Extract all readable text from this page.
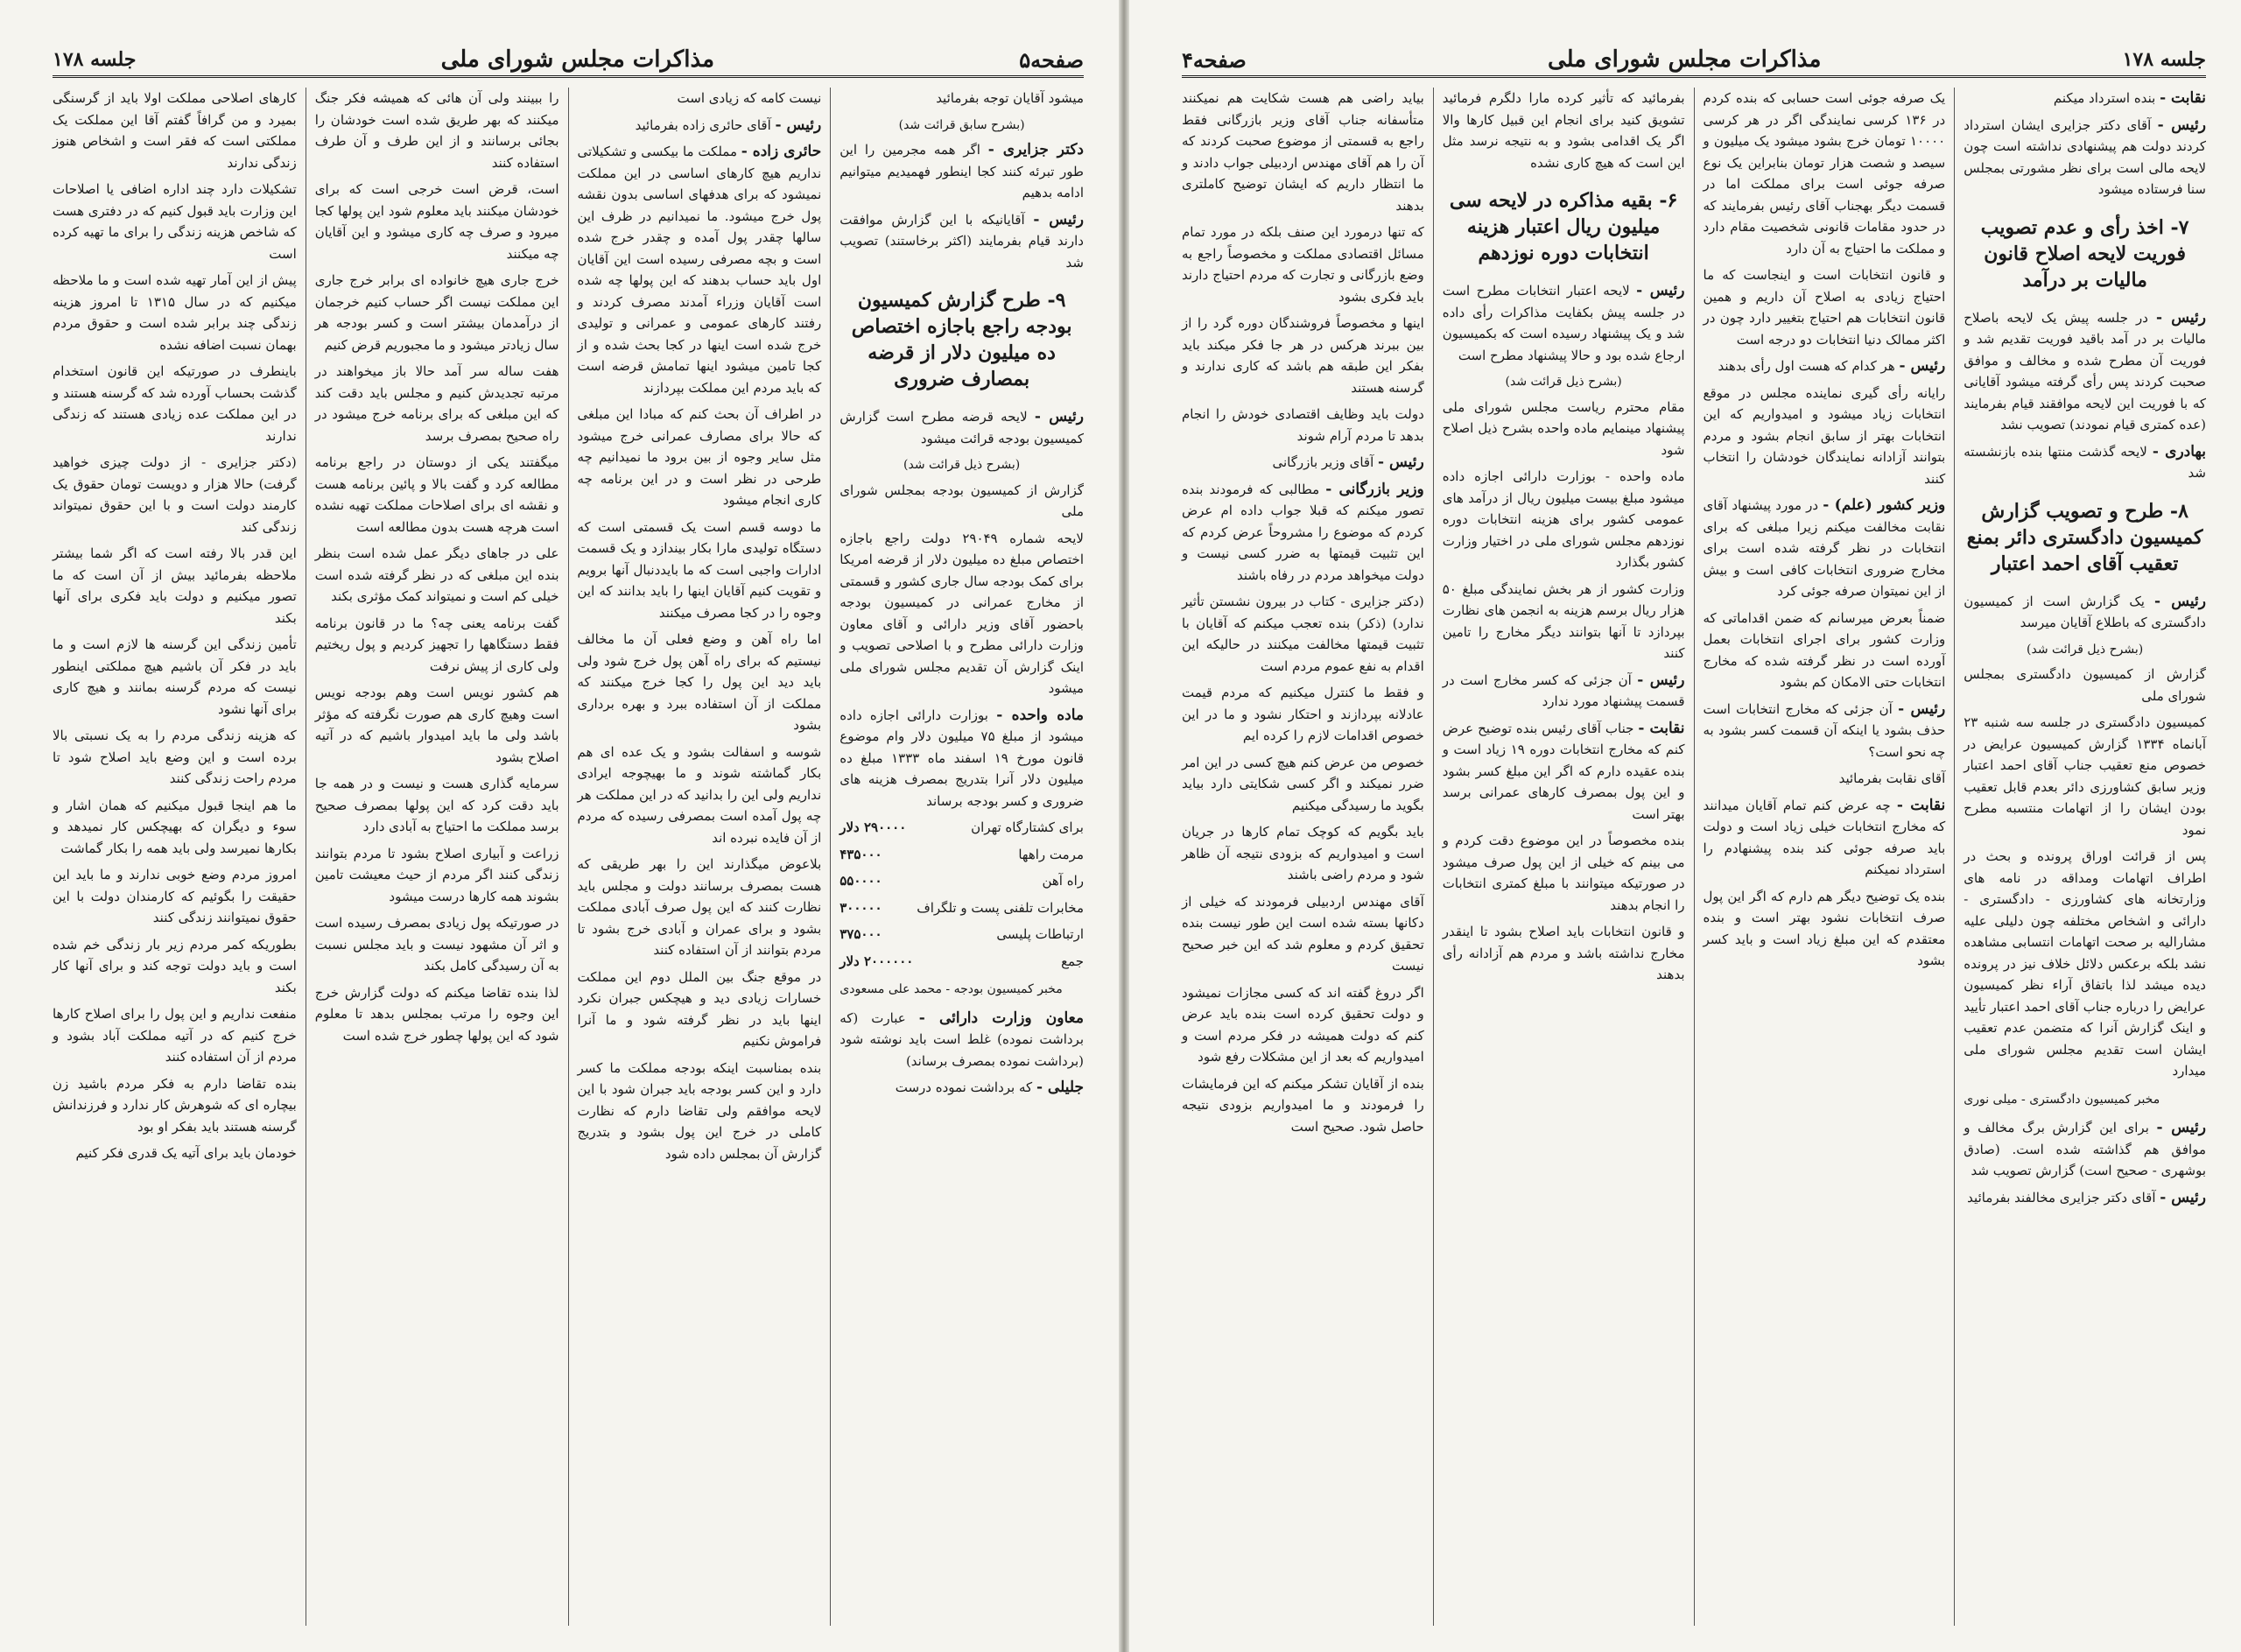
صفحه۵
مذاکرات مجلس شورای ملی
جلسه ۱۷۸

میشود آقایان توجه بفرمائید

(بشرح سابق قرائت شد)

دکتر جزایری - اگر همه مجرمین را این طور تبرئه کنند کجا اینطور فهمیدیم میتوانیم ادامه بدهیم

رئیس - آقایانیکه با این گزارش موافقت دارند قیام بفرمایند (اکثر برخاستند) تصویب شد

۹- طرح گزارش کمیسیون بودجه راجع باجازه اختصاص ده میلیون دلار از قرضه بمصارف ضروری

رئیس - لایحه قرضه مطرح است گزارش کمیسیون بودجه قرائت میشود

(بشرح ذیل قرائت شد)

گزارش از کمیسیون بودجه بمجلس شورای ملی

لایحه شماره ۲۹۰۴۹ دولت راجع باجازه اختصاص مبلغ ده میلیون دلار از قرضه امریکا برای کمک بودجه سال جاری کشور و قسمتی از مخارج عمرانی در کمیسیون بودجه باحضور آقای وزیر دارائی و آقای معاون وزارت دارائی مطرح و با اصلاحی تصویب و اینک گزارش آن تقدیم مجلس شورای ملی میشود

ماده واحده - بوزارت دارائی اجازه داده میشود از مبلغ ۷۵ میلیون دلار وام موضوع قانون مورخ ۱۹ اسفند ماه ۱۳۳۳ مبلغ ده میلیون دلار آنرا بتدریج بمصرف هزینه های ضروری و کسر بودجه برساند

برای کشتارگاه تهران
۲۹۰۰۰۰ دلار
مرمت راهها
۴۳۵۰۰۰
راه آهن
۵۵۰۰۰۰
مخابرات تلفنی پست و تلگراف
۳۰۰۰۰۰
ارتباطات پلیسی
۳۷۵۰۰۰
جمع
۲۰۰۰۰۰۰ دلار
مخبر کمیسیون بودجه - محمد علی مسعودی

معاون وزارت دارائی - عبارت (که برداشت نموده) غلط است باید نوشته شود (برداشت نموده بمصرف برساند)

جلیلی - که برداشت نموده درست

نیست کامه که زیادی است

رئیس - آقای حائری زاده بفرمائید

حائری زاده - مملکت ما بیکسی و تشکیلاتی نداریم هیچ کارهای اساسی در این مملکت نمیشود که برای هدفهای اساسی بدون نقشه پول خرج میشود. ما نمیدانیم در ظرف این سالها چقدر پول آمده و چقدر خرج شده است و بچه مصرفی رسیده است این آقایان اول باید حساب بدهند که این پولها چه شده است آقایان وزراء آمدند مصرف کردند و رفتند کارهای عمومی و عمرانی و تولیدی خرج شده است اینها در کجا بحث شده و از کجا تامین میشود اینها تمامش قرضه است که باید مردم این مملکت بپردازند

در اطراف آن بحث کنم که مبادا این مبلغی که حالا برای مصارف عمرانی خرج میشود مثل سایر وجوه از بین برود ما نمیدانیم چه طرحی در نظر است و در این برنامه چه کاری انجام میشود

ما دوسه قسم است یک قسمتی است که دستگاه تولیدی مارا بکار بیندازد و یک قسمت ادارات واجبی است که ما بایددنبال آنها برویم و تقویت کنیم آقایان اینها را باید بدانند که این وجوه را در کجا مصرف میکنند

اما راه آهن و وضع فعلی آن ما مخالف نیستیم که برای راه آهن پول خرج شود ولی باید دید این پول را کجا خرج میکنند که مملکت از آن استفاده ببرد و بهره برداری بشود

شوسه و اسفالت بشود و یک عده ای هم بکار گماشته شوند و ما بهیچوجه ایرادی نداریم ولی این را بدانید که در این مملکت هر چه پول آمده است بمصرفی رسیده که مردم از آن فایده نبرده اند

بلاعوض میگذارند این را بهر طریقی که هست بمصرف برسانند دولت و مجلس باید نظارت کنند که این پول صرف آبادی مملکت بشود و برای عمران و آبادی خرج بشود تا مردم بتوانند از آن استفاده کنند

در موقع جنگ بین الملل دوم این مملکت خسارات زیادی دید و هیچکس جبران نکرد اینها باید در نظر گرفته شود و ما آنرا فراموش نکنیم

بنده بمناسبت اینکه بودجه مملکت ما کسر دارد و این کسر بودجه باید جبران شود با این لایحه موافقم ولی تقاضا دارم که نظارت کاملی در خرج این پول بشود و بتدریج گزارش آن بمجلس داده شود

را ببینند ولی آن هائی که همیشه فکر جنگ میکنند که بهر طریق شده است خودشان را بجائی برسانند و از این طرف و آن طرف استفاده کنند

است، قرض است خرجی است که برای خودشان میکنند باید معلوم شود این پولها کجا میرود و صرف چه کاری میشود و این آقایان چه میکنند

خرج جاری هیچ خانواده ای برابر خرج جاری این مملکت نیست اگر حساب کنیم خرجمان از درآمدمان بیشتر است و کسر بودجه هر سال زیادتر میشود و ما مجبوریم قرض کنیم

هفت ساله سر آمد حالا باز میخواهند در مرتبه تجدیدش کنیم و مجلس باید دقت کند که این مبلغی که برای برنامه خرج میشود در راه صحیح بمصرف برسد

میگفتند یکی از دوستان در راجع برنامه مطالعه کرد و گفت بالا و پائین برنامه هست و نقشه ای برای اصلاحات مملکت تهیه نشده است هرچه هست بدون مطالعه است

علی در جاهای دیگر عمل شده است بنظر بنده این مبلغی که در نظر گرفته شده است خیلی کم است و نمیتواند کمک مؤثری بکند

گفت برنامه یعنی چه؟ ما در قانون برنامه فقط دستگاهها را تجهیز کردیم و پول ریختیم ولی کاری از پیش نرفت

هم کشور نویس است وهم بودجه نویس است وهیچ کاری هم صورت نگرفته که مؤثر باشد ولی ما باید امیدوار باشیم که در آتیه اصلاح بشود

سرمایه گذاری هست و نیست و در همه جا باید دقت کرد که این پولها بمصرف صحیح برسد مملکت ما احتیاج به آبادی دارد

زراعت و آبیاری اصلاح بشود تا مردم بتوانند زندگی کنند اگر مردم از حیث معیشت تامین بشوند همه کارها درست میشود

در صورتیکه پول زیادی بمصرف رسیده است و اثر آن مشهود نیست و باید مجلس نسبت به آن رسیدگی کامل بکند

لذا بنده تقاضا میکنم که دولت گزارش خرج این وجوه را مرتب بمجلس بدهد تا معلوم شود که این پولها چطور خرج شده است

کارهای اصلاحی مملکت اولا باید از گرسنگی بمیرد و من گرافاً گفتم آقا این مملکت یک مملکتی است که فقر است و اشخاص هنوز زندگی ندارند

تشکیلات دارد چند اداره اضافی یا اصلاحات این وزارت باید قبول کنیم که در دفتری هست که شاخص هزینه زندگی را برای ما تهیه کرده است

پیش از این آمار تهیه شده است و ما ملاحظه میکنیم که در سال ۱۳۱۵ تا امروز هزینه زندگی چند برابر شده است و حقوق مردم بهمان نسبت اضافه نشده

باینطرف در صورتیکه این قانون استخدام گذشت بحساب آورده شد که گرسنه هستند و در این مملکت عده زیادی هستند که زندگی ندارند

(دکتر جزایری - از دولت چیزی خواهید گرفت) حالا هزار و دویست تومان حقوق یک کارمند دولت است و با این حقوق نمیتواند زندگی کند

این قدر بالا رفته است که اگر شما بیشتر ملاحظه بفرمائید بیش از آن است که ما تصور میکنیم و دولت باید فکری برای آنها بکند

تأمین زندگی این گرسنه ها لازم است و ما باید در فکر آن باشیم هیچ مملکتی اینطور نیست که مردم گرسنه بمانند و هیچ کاری برای آنها نشود

که هزینه زندگی مردم را به یک نسبتی بالا برده است و این وضع باید اصلاح شود تا مردم راحت زندگی کنند

ما هم اینجا قبول میکنیم که همان اشار و سوء و دیگران که بهیچکس کار نمیدهد و بکارها نمیرسد ولی باید همه را بکار گماشت

امروز مردم وضع خوبی ندارند و ما باید این حقیقت را بگوئیم که کارمندان دولت با این حقوق نمیتوانند زندگی کنند

بطوریکه کمر مردم زیر بار زندگی خم شده است و باید دولت توجه کند و برای آنها کار بکند

منفعت نداریم و این پول را برای اصلاح کارها خرج کنیم که در آتیه مملکت آباد بشود و مردم از آن استفاده کنند

بنده تقاضا دارم به فکر مردم باشید زن بیچاره ای که شوهرش کار ندارد و فرزندانش گرسنه هستند باید بفکر او بود

خودمان باید برای آتیه یک قدری فکر کنیم

جلسه ۱۷۸
مذاکرات مجلس شورای ملی
صفحه۴

نقابت - بنده استرداد میکنم

رئیس - آقای دکتر جزایری ایشان استرداد کردند دولت هم پیشنهادی نداشته است چون لایحه مالی است برای نظر مشورتی بمجلس سنا فرستاده میشود

۷- اخذ رأی و عدم تصویب فوریت لایحه اصلاح قانون مالیات بر درآمد

رئیس - در جلسه پیش یک لایحه باصلاح مالیات بر در آمد باقید فوریت تقدیم شد و فوریت آن مطرح شده و مخالف و موافق صحبت کردند پس رأی گرفته میشود آقایانی که با فوریت این لایحه موافقند قیام بفرمایند (عده کمتری قیام نمودند) تصویب نشد

بهادری - لایحه گذشت منتها بنده بازنشسته شد

۸- طرح و تصویب گزارش کمیسیون دادگستری دائر بمنع تعقیب آقای احمد اعتبار

رئیس - یک گزارش است از کمیسیون دادگستری که باطلاع آقایان میرسد

(بشرح ذیل قرائت شد)

گزارش از کمیسیون دادگستری بمجلس شورای ملی

کمیسیون دادگستری در جلسه سه شنبه ۲۳ آبانماه ۱۳۳۴ گزارش کمیسیون عرایض در خصوص منع تعقیب جناب آقای احمد اعتبار وزیر سابق کشاورزی دائر بعدم قابل تعقیب بودن ایشان را از اتهامات منتسبه مطرح نمود

پس از قرائت اوراق پرونده و بحث در اطراف اتهامات ومداقه در نامه های وزارتخانه های کشاورزی - دادگستری - دارائی و اشخاص مختلفه چون دلیلی علیه مشارالیه بر صحت اتهامات انتسابی مشاهده نشد بلکه برعکس دلائل خلاف نیز در پرونده دیده میشد لذا باتفاق آراء نظر کمیسیون عرایض را درباره جناب آقای احمد اعتبار تأیید و اینک گزارش آنرا که متضمن عدم تعقیب ایشان است تقدیم مجلس شورای ملی میدارد

مخبر کمیسیون دادگستری - میلی نوری

رئیس - برای این گزارش برگ مخالف و موافق هم گذاشته شده است. (صادق بوشهری - صحیح است) گزارش تصویب شد

رئیس - آقای دکتر جزایری مخالفند بفرمائید

یک صرفه جوئی است حسابی که بنده کردم در ۱۳۶ کرسی نمایندگی اگر در هر کرسی ۱۰۰۰۰ تومان خرج بشود میشود یک میلیون و سیصد و شصت هزار تومان بنابراین یک نوع صرفه جوئی است برای مملکت اما در قسمت دیگر بهجناب آقای رئیس بفرمایند که در حدود مقامات قانونی شخصیت مقام دارد و مملکت ما احتیاج به آن دارد

و قانون انتخابات است و اینجاست که ما احتیاج زیادی به اصلاح آن داریم و همین قانون انتخابات هم احتیاج بتغییر دارد چون در اکثر ممالک دنیا انتخابات دو درجه است

رئیس - هر کدام که هست اول رأی بدهند

رایانه رأی گیری نماینده مجلس در موقع انتخابات زیاد میشود و امیدواریم که این انتخابات بهتر از سابق انجام بشود و مردم بتوانند آزادانه نمایندگان خودشان را انتخاب کنند

وزیر کشور (علم) - در مورد پیشنهاد آقای نقابت مخالفت میکنم زیرا مبلغی که برای انتخابات در نظر گرفته شده است برای مخارج ضروری انتخابات کافی است و بیش از این نمیتوان صرفه جوئی کرد

ضمناً بعرض میرسانم که ضمن اقداماتی که وزارت کشور برای اجرای انتخابات بعمل آورده است در نظر گرفته شده که مخارج انتخابات حتی الامکان کم بشود

رئیس - آن جزئی که مخارج انتخابات است حذف بشود یا اینکه آن قسمت کسر بشود به چه نحو است؟

آقای نقابت بفرمائید

نقابت - چه عرض کنم تمام آقایان میدانند که مخارج انتخابات خیلی زیاد است و دولت باید صرفه جوئی کند بنده پیشنهادم را استرداد نمیکنم

بنده یک توضیح دیگر هم دارم که اگر این پول صرف انتخابات نشود بهتر است و بنده معتقدم که این مبلغ زیاد است و باید کسر بشود

بفرمائید که تأثیر کرده مارا دلگرم فرمائید تشویق کنید برای انجام این قبیل کارها والا اگر یک اقدامی بشود و به نتیجه نرسد مثل این است که هیچ کاری نشده

۶- بقیه مذاکره در لایحه سی میلیون ریال اعتبار هزینه انتخابات دوره نوزدهم

رئیس - لایحه اعتبار انتخابات مطرح است در جلسه پیش بکفایت مذاکرات رأی داده شد و یک پیشنهاد رسیده است که بکمیسیون ارجاع شده بود و حالا پیشنهاد مطرح است

(بشرح ذیل قرائت شد)

مقام محترم ریاست مجلس شورای ملی پیشنهاد مینمایم ماده واحده بشرح ذیل اصلاح شود

ماده واحده - بوزارت دارائی اجازه داده میشود مبلغ بیست میلیون ریال از درآمد های عمومی کشور برای هزینه انتخابات دوره نوزدهم مجلس شورای ملی در اختیار وزارت کشور بگذارد

وزارت کشور از هر بخش نمایندگی مبلغ ۵۰ هزار ریال برسم هزینه به انجمن های نظارت بپردازد تا آنها بتوانند دیگر مخارج را تامین کنند

رئیس - آن جزئی که کسر مخارج است در قسمت پیشنهاد مورد ندارد

نقابت - جناب آقای رئیس بنده توضیح عرض کنم که مخارج انتخابات دوره ۱۹ زیاد است و بنده عقیده دارم که اگر این مبلغ کسر بشود و این پول بمصرف کارهای عمرانی برسد بهتر است

بنده مخصوصاً در این موضوع دقت کردم و می بینم که خیلی از این پول صرف میشود در صورتیکه میتوانند با مبلغ کمتری انتخابات را انجام بدهند

و قانون انتخابات باید اصلاح بشود تا اینقدر مخارج نداشته باشد و مردم هم آزادانه رأی بدهند

بیاید راضی هم هست شکایت هم نمیکنند متأسفانه جناب آقای وزیر بازرگانی فقط راجع به قسمتی از موضوع صحبت کردند که آن را هم آقای مهندس اردبیلی جواب دادند و ما انتظار داریم که ایشان توضیح کاملتری بدهند

که تنها درمورد این صنف بلکه در مورد تمام مسائل اقتصادی مملکت و مخصوصاً راجع به وضع بازرگانی و تجارت که مردم احتیاج دارند باید فکری بشود

اینها و مخصوصاً فروشندگان دوره گرد را از بین ببرند هرکس در هر جا فکر میکند باید بفکر این طبقه هم باشد که کاری ندارند و گرسنه هستند

دولت باید وظایف اقتصادی خودش را انجام بدهد تا مردم آرام شوند

رئیس - آقای وزیر بازرگانی

وزیر بازرگانی - مطالبی که فرمودند بنده تصور میکنم که قبلا جواب داده ام عرض کردم که موضوع را مشروحاً عرض کردم که این تثبیت قیمتها به ضرر کسی نیست و دولت میخواهد مردم در رفاه باشند

(دکتر جزایری - کتاب در بیرون نشستن تأثیر ندارد) (ذکر) بنده تعجب میکنم که آقایان با تثبیت قیمتها مخالفت میکنند در حالیکه این اقدام به نفع عموم مردم است

و فقط ما کنترل میکنیم که مردم قیمت عادلانه بپردازند و احتکار نشود و ما در این خصوص اقدامات لازم را کرده ایم

خصوص من عرض کنم هیچ کسی در این امر ضرر نمیکند و اگر کسی شکایتی دارد بیاید بگوید ما رسیدگی میکنیم

باید بگویم که کوچک تمام کارها در جریان است و امیدواریم که بزودی نتیجه آن ظاهر شود و مردم راضی باشند

آقای مهندس اردبیلی فرمودند که خیلی از دکانها بسته شده است این طور نیست بنده تحقیق کردم و معلوم شد که این خبر صحیح نیست

اگر دروغ گفته اند که کسی مجازات نمیشود و دولت تحقیق کرده است بنده باید عرض کنم که دولت همیشه در فکر مردم است و امیدواریم که بعد از این مشکلات رفع شود

بنده از آقایان تشکر میکنم که این فرمایشات را فرمودند و ما امیدواریم بزودی نتیجه حاصل شود. صحیح است
